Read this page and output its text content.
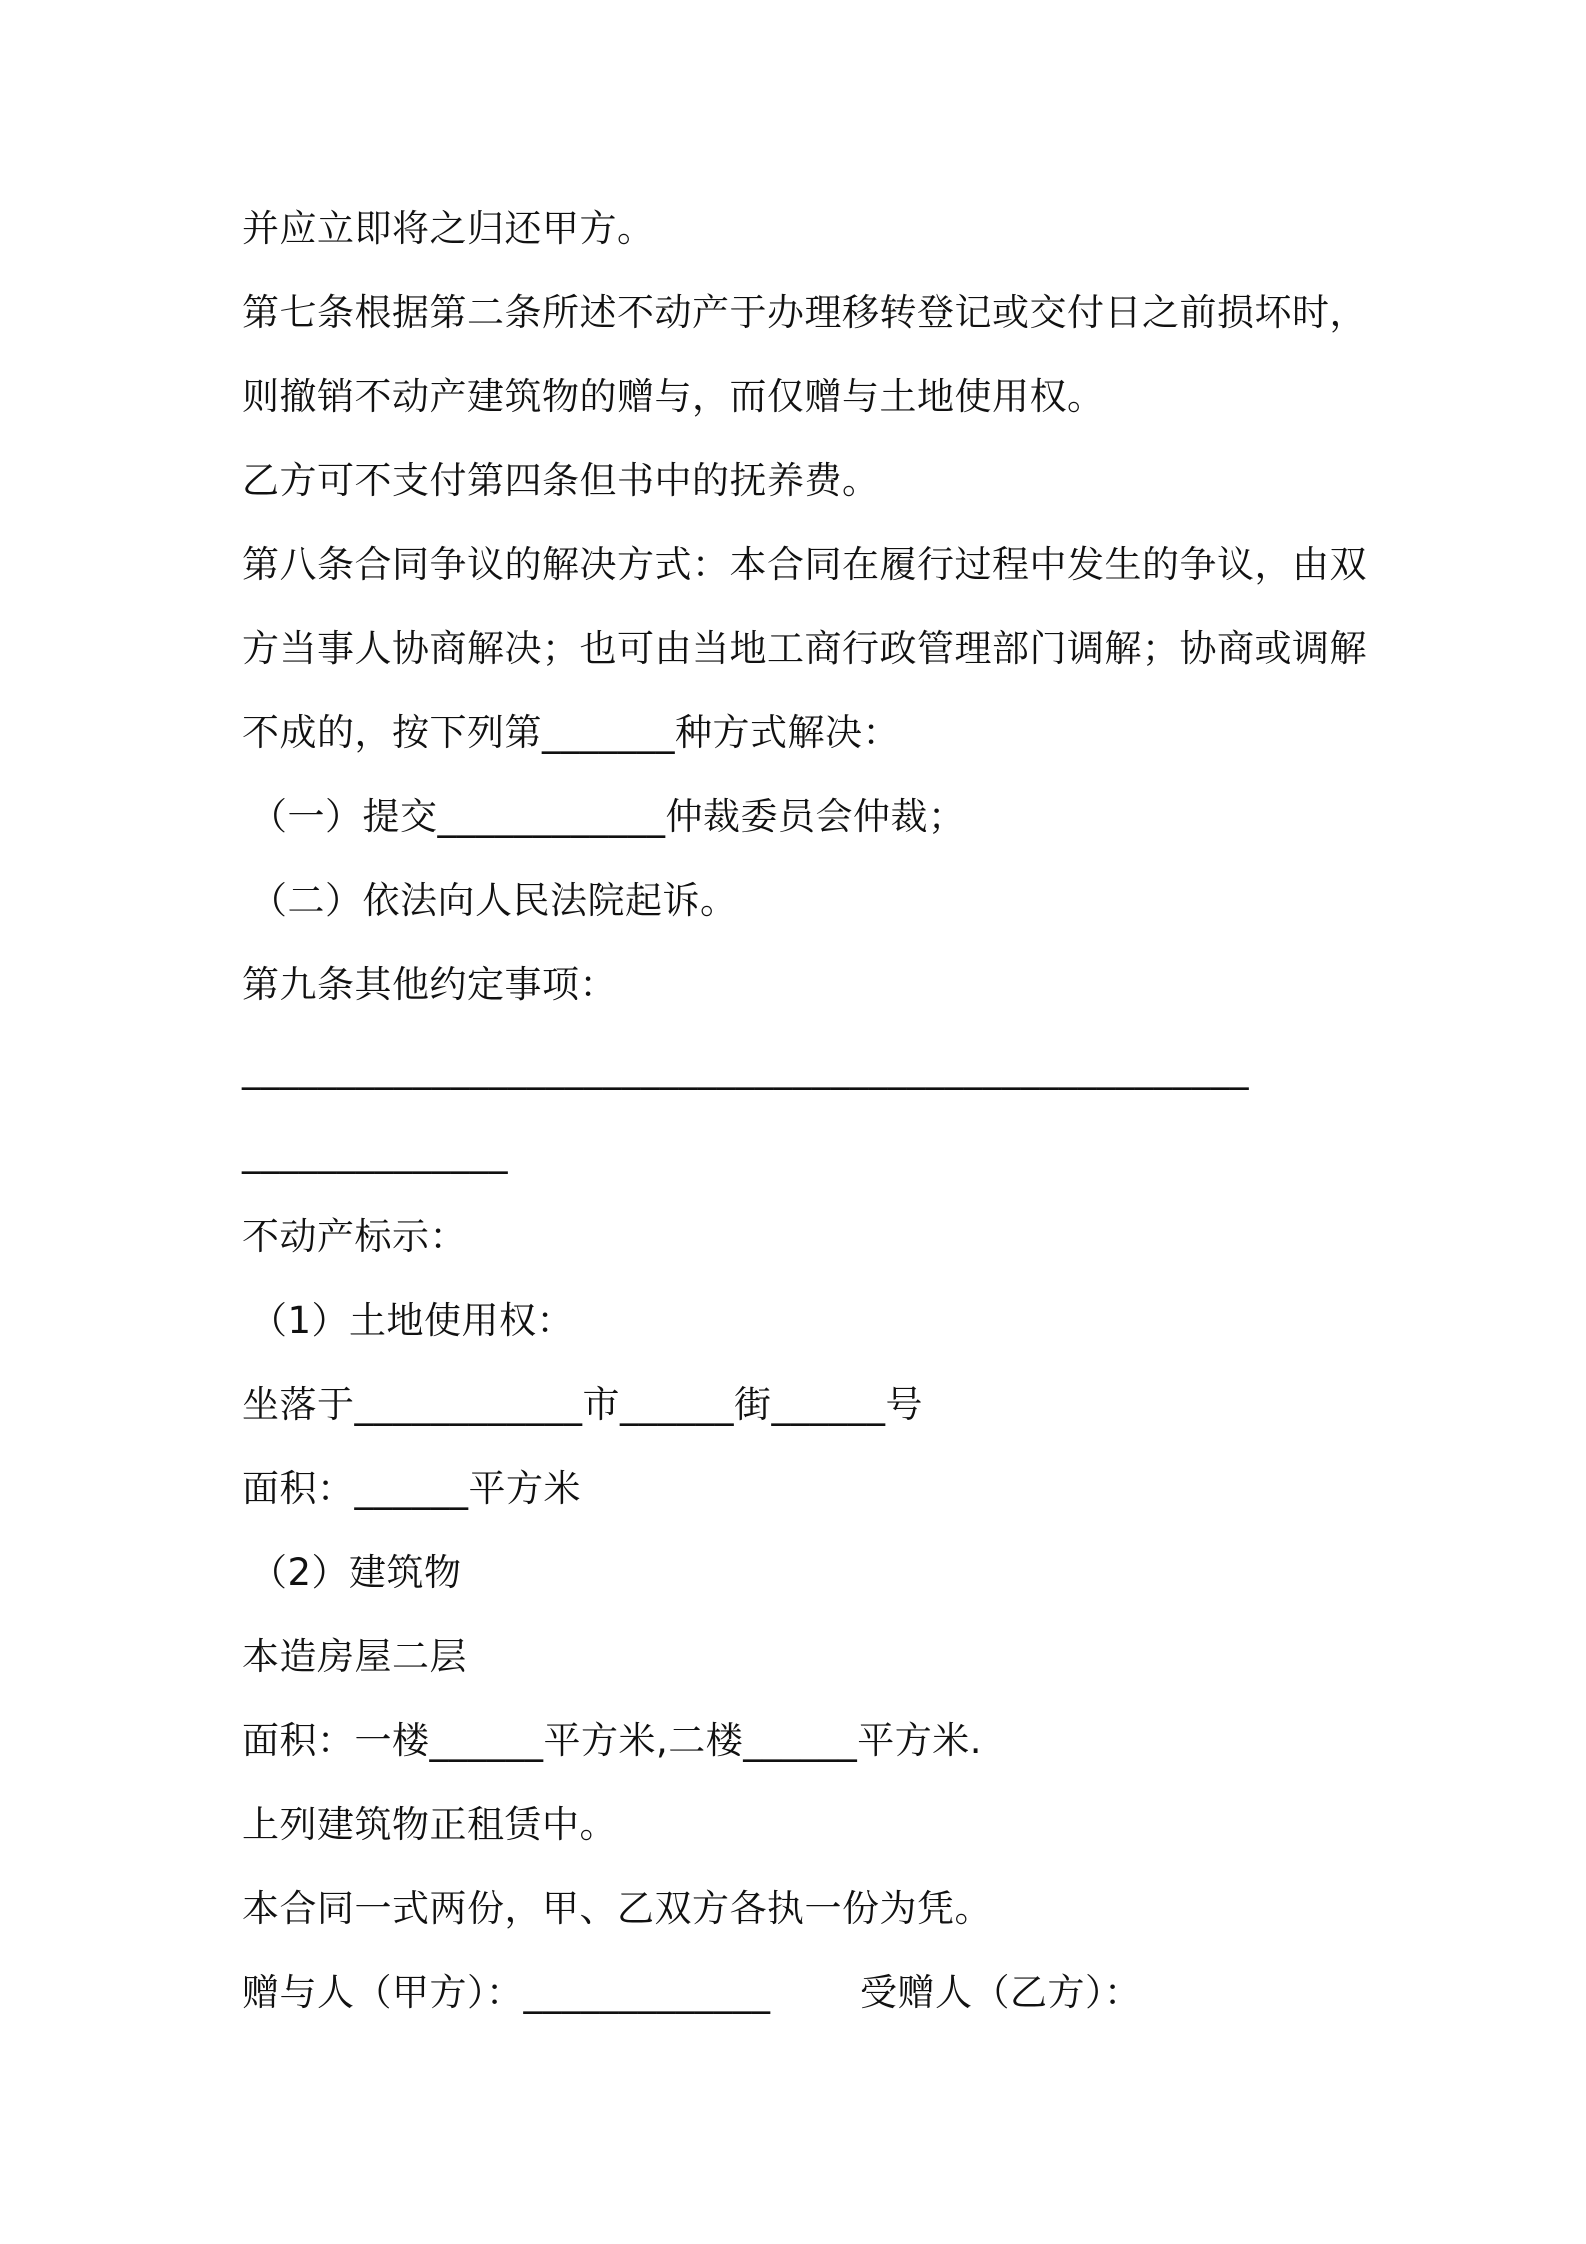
并应立即将之归还甲方。
第七条根据第二条所述不动产于办理移转登记或交付日之前损坏时，
则撤销不动产建筑物的赠与，而仅赠与土地使用权。
乙方可不支付第四条但书中的抚养费。
第八条合同争议的解决方式：本合同在履行过程中发生的争议，由双
方当事人协商解决；也可由当地工商行政管理部门调解；协商或调解
不成的，按下列第_______种方式解决：
（一）提交____________仲裁委员会仲裁；
（二）依法向人民法院起诉。
第九条其他约定事项：
_____________________________________________________
______________
不动产标示：
（1）土地使用权：
坐落于____________市______街______号
面积：______平方米
（2）建筑物
本造房屋二层
面积：一楼______平方米,二楼______平方米.
上列建筑物正租赁中。
本合同一式两份，甲、乙双方各执一份为凭。
赠与人（甲方）：_____________ 受赠人（乙方）：
